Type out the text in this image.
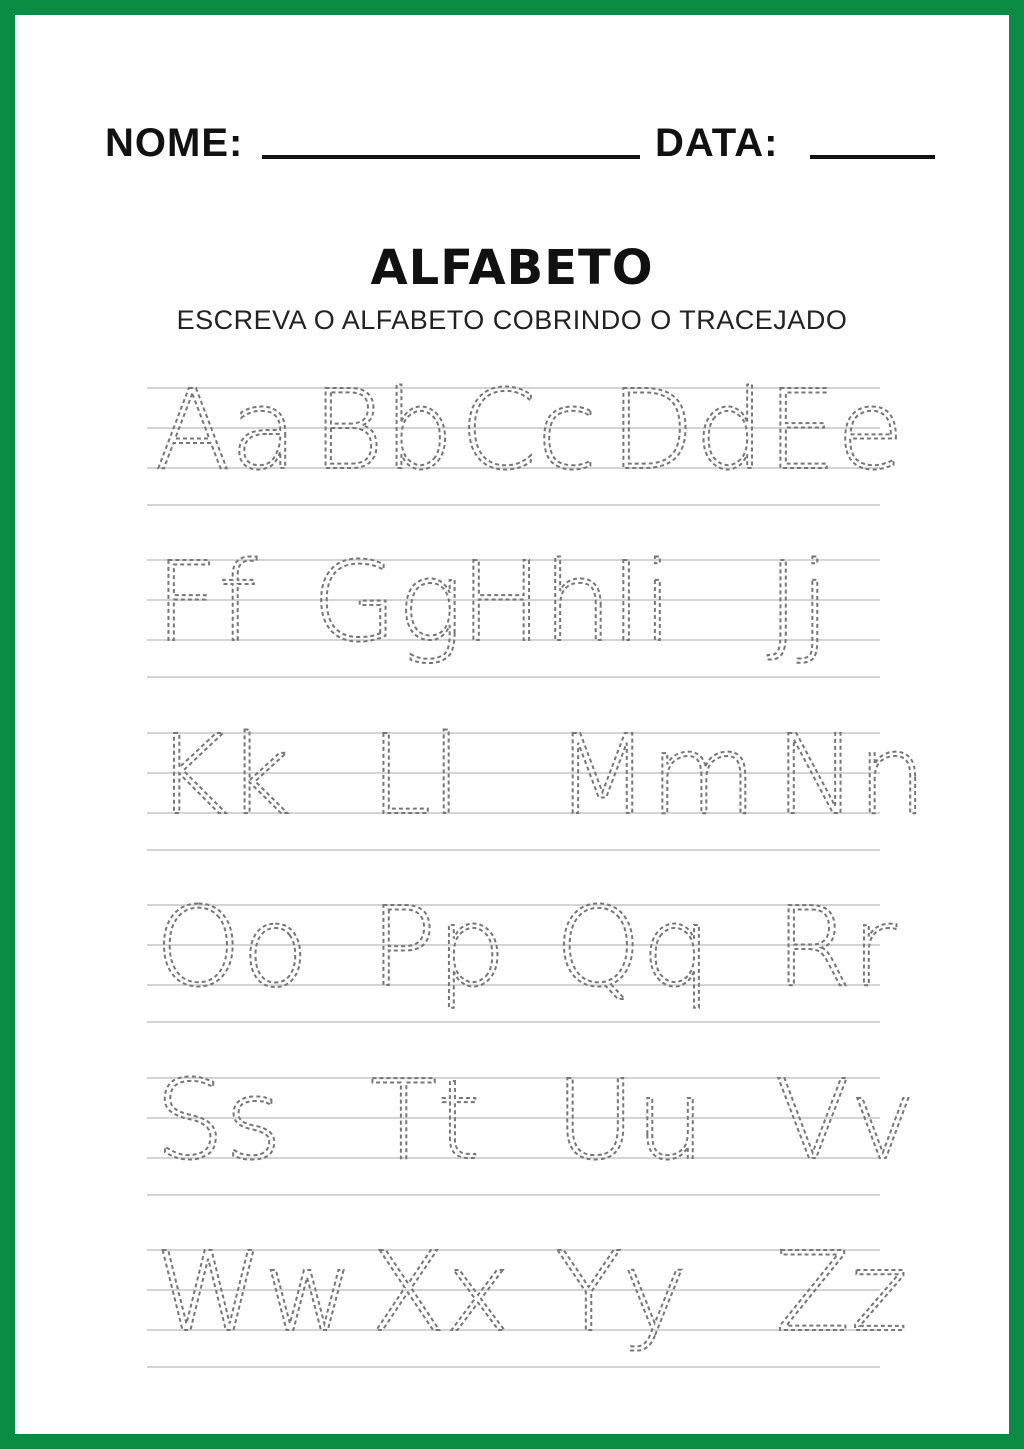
NOME:	DATA:
ALFABETO
ESCREVA O ALFABETO COBRINDO O TRACEJADO
Aa Bb Cc Dd Ee
Ff Gg
Hh
Ii Jj
Kk Ll Mm Nn
Oo Pp Qq Rr
Ss Tt Uu Vv
Ww Xx Yy Zz
